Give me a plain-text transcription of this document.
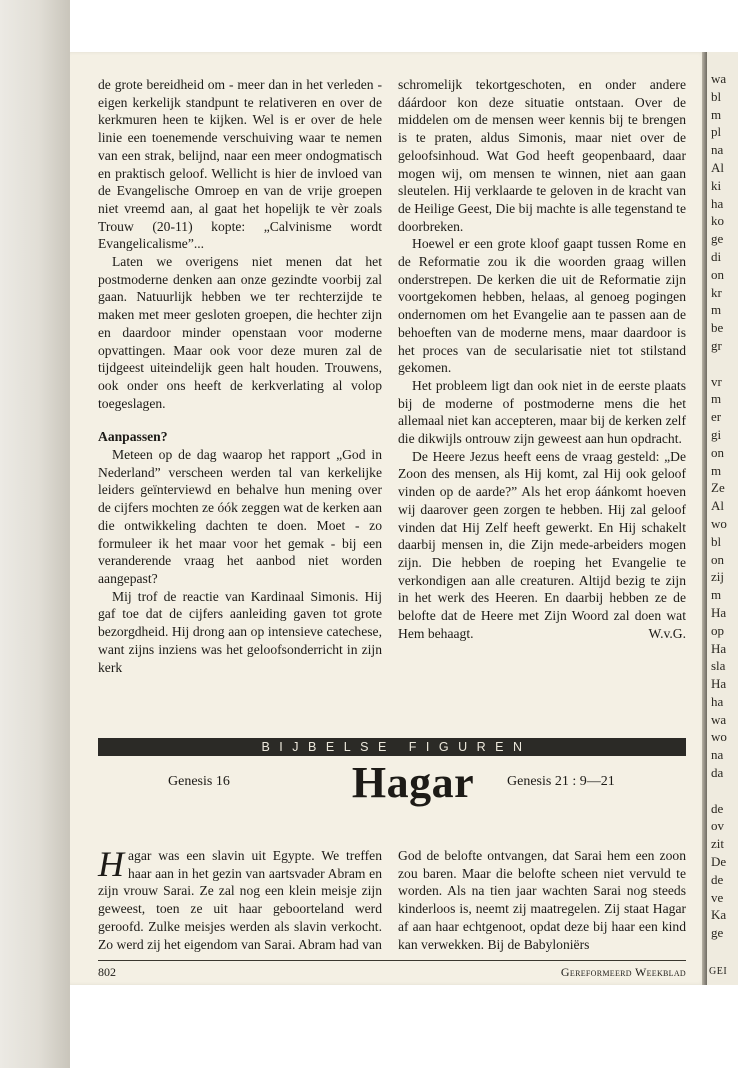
de grote bereidheid om - meer dan in het verleden - eigen kerkelijk standpunt te relativeren en over de kerkmuren heen te kijken. Wel is er over de hele linie een toenemende verschuiving waar te nemen van een strak, belijnd, naar een meer ondogmatisch en praktisch geloof. Wellicht is hier de invloed van de Evangelische Omroep en van de vrije groepen niet vreemd aan, al gaat het hopelijk te vèr zoals Trouw (20-11) kopte: „Calvinisme wordt Evangelicalisme”...

Laten we overigens niet menen dat het postmoderne denken aan onze gezindte voorbij zal gaan. Natuurlijk hebben we ter rechterzijde te maken met meer gesloten groepen, die hechter zijn en daardoor minder openstaan voor moderne opvattingen. Maar ook voor deze muren zal de tijdgeest uiteindelijk geen halt houden. Trouwens, ook onder ons heeft de kerkverlating al volop toegeslagen.

Aanpassen?

Meteen op de dag waarop het rapport „God in Nederland” verscheen werden tal van kerkelijke leiders geïnterviewd en behalve hun mening over de cijfers mochten ze óók zeggen wat de kerken aan die ontwikkeling dachten te doen. Moet - zo formuleer ik het maar voor het gemak - bij een veranderende vraag het aanbod niet worden aangepast?

Mij trof de reactie van Kardinaal Simonis. Hij gaf toe dat de cijfers aanleiding gaven tot grote bezorgdheid. Hij drong aan op intensieve catechese, want zijns inziens was het geloofsonderricht in zijn kerk

schromelijk tekortgeschoten, en onder andere dáárdoor kon deze situatie ontstaan. Over de middelen om de mensen weer kennis bij te brengen is te praten, aldus Simonis, maar niet over de geloofsinhoud. Wat God heeft geopenbaard, daar mogen wij, om mensen te winnen, niet aan gaan sleutelen. Hij verklaarde te geloven in de kracht van de Heilige Geest, Die bij machte is alle tegenstand te doorbreken.

Hoewel er een grote kloof gaapt tussen Rome en de Reformatie zou ik die woorden graag willen onderstrepen. De kerken die uit de Reformatie zijn voortgekomen hebben, helaas, al genoeg pogingen ondernomen om het Evangelie aan te passen aan de behoeften van de moderne mens, maar daardoor is het proces van de secularisatie niet tot stilstand gekomen.

Het probleem ligt dan ook niet in de eerste plaats bij de moderne of postmoderne mens die het allemaal niet kan accepteren, maar bij de kerken zelf die dikwijls ontrouw zijn geweest aan hun opdracht.

De Heere Jezus heeft eens de vraag gesteld: „De Zoon des mensen, als Hij komt, zal Hij ook geloof vinden op de aarde?” Als het erop áánkomt hoeven wij daarover geen zorgen te hebben. Hij zal geloof vinden dat Hij Zelf heeft gewerkt. En Hij schakelt daarbij mensen in, die Zijn mede-arbeiders mogen zijn. Die hebben de roeping het Evangelie te verkondigen aan alle creaturen. Altijd bezig te zijn in het werk des Heeren. En daarbij hebben ze de belofte dat de Heere met Zijn Woord zal doen wat Hem behaagt.	W.v.G.

BIJBELSE FIGUREN
Genesis 16	Hagar	Genesis 21 : 9—21

Hagar was een slavin uit Egypte. We treffen haar aan in het gezin van aartsvader Abram en zijn vrouw Sarai. Ze zal nog een klein meisje zijn geweest, toen ze uit haar geboorteland werd geroofd. Zulke meisjes werden als slavin verkocht. Zo werd zij het eigendom van Sarai. Abram had van

God de belofte ontvangen, dat Sarai hem een zoon zou baren. Maar die belofte scheen niet vervuld te worden. Als na tien jaar wachten Sarai nog steeds kinderloos is, neemt zij maatregelen. Zij staat Hagar af aan haar echtgenoot, opdat deze bij haar een kind kan verwekken. Bij de Babyloniërs

802	Gereformeerd Weekblad
wa
bl
m
pl
na
Al
ki
ha
ko
ge
di
on
kr
m
be
gr
vr
m
er
gi
on
m
Ze
Al
wo
bl
on
zij
m
Ha
op
Ha
sla
Ha
ha
wa
wo
na
da
de
ov
zit
De
de
ve
Ka
ge
GEI
